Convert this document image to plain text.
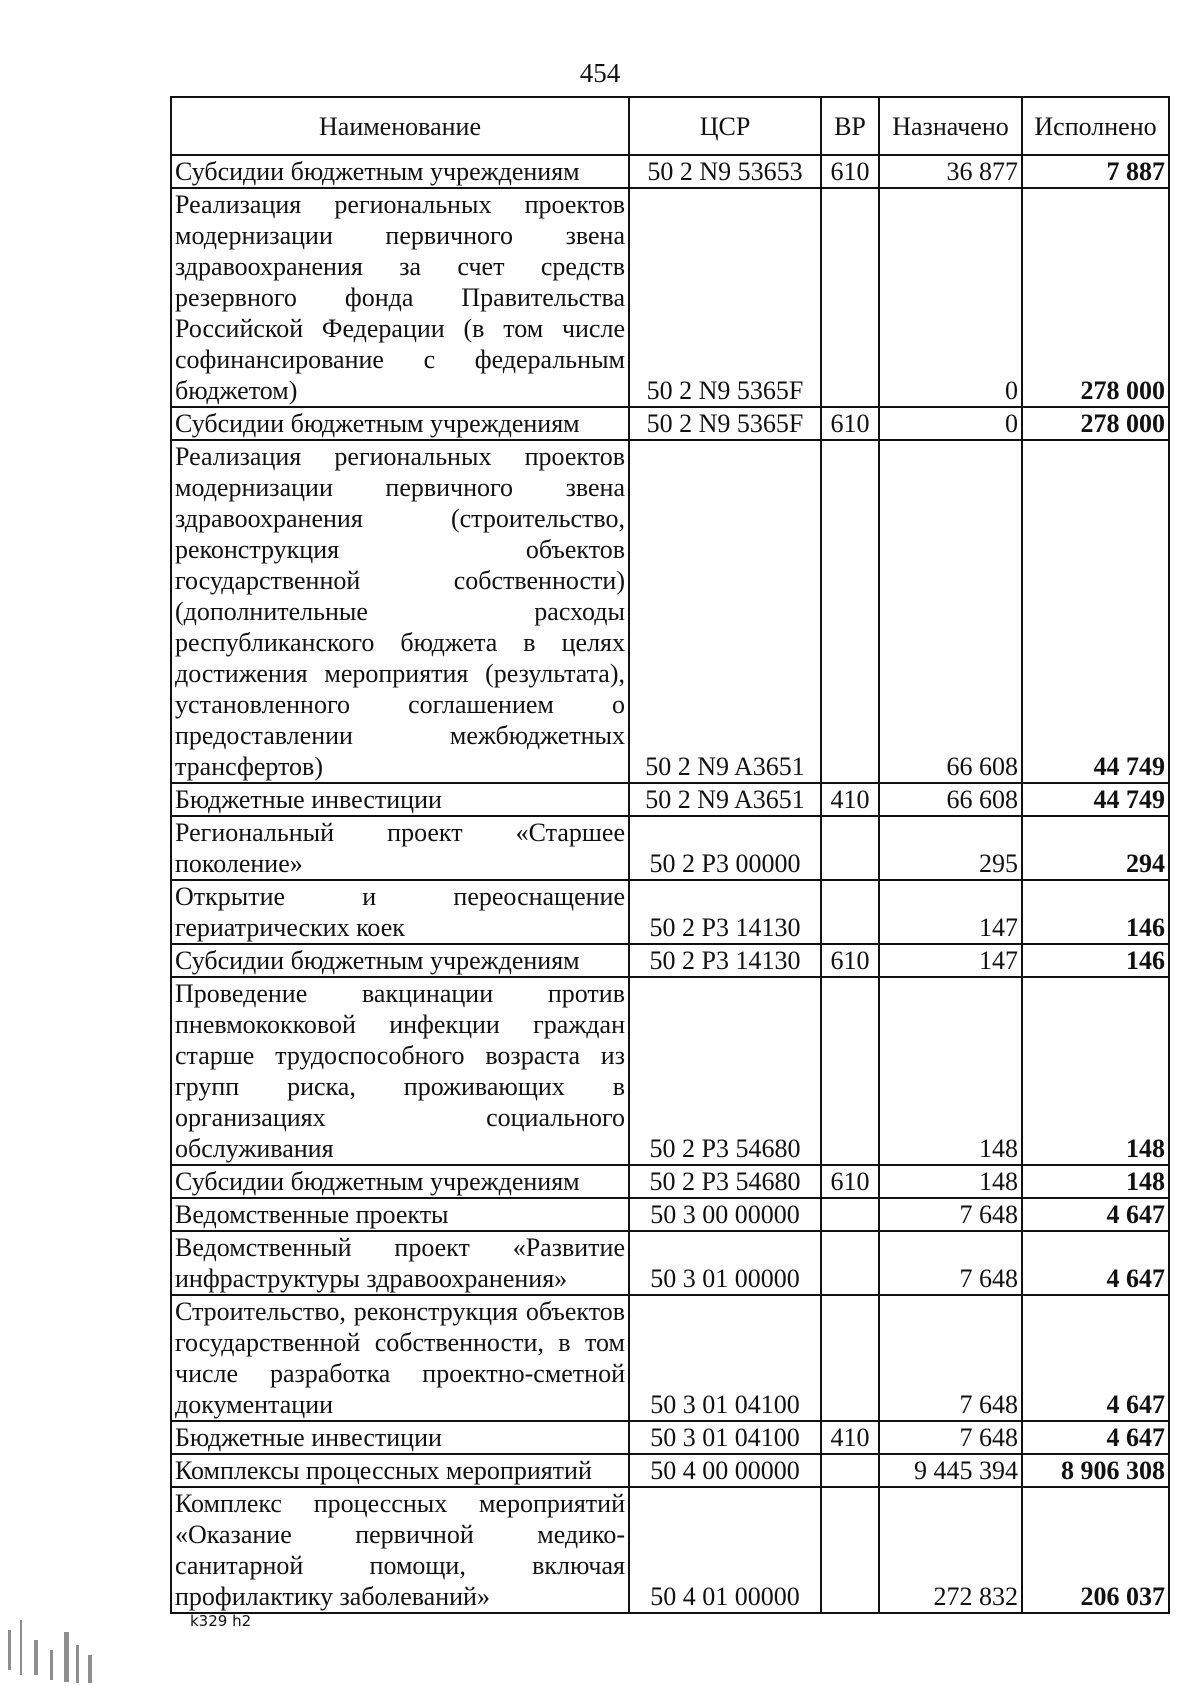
454
Наименование	ЦСР	ВР	Назначено	Исполнено
Субсидии бюджетным учреждениям	50 2 N9 53653	610	36 877	7 887
Реализация региональных проектов модернизации первичного звена здравоохранения за счет средств резервного фонда Правительства Российской Федерации (в том числе софинансирование с федеральным бюджетом)	50 2 N9 5365F		0	278 000
Субсидии бюджетным учреждениям	50 2 N9 5365F	610	0	278 000
Реализация региональных проектов модернизации первичного звена здравоохранения (строительство, реконструкция объектов государственной собственности) (дополнительные расходы республиканского бюджета в целях достижения мероприятия (результата), установленного соглашением о предоставлении межбюджетных трансфертов)	50 2 N9 A3651		66 608	44 749
Бюджетные инвестиции	50 2 N9 A3651	410	66 608	44 749
Региональный проект «Старшее поколение»	50 2 P3 00000		295	294
Открытие и переоснащение гериатрических коек	50 2 P3 14130		147	146
Субсидии бюджетным учреждениям	50 2 P3 14130	610	147	146
Проведение вакцинации против пневмококковой инфекции граждан старше трудоспособного возраста из групп риска, проживающих в организациях социального обслуживания	50 2 P3 54680		148	148
Субсидии бюджетным учреждениям	50 2 P3 54680	610	148	148
Ведомственные проекты	50 3 00 00000		7 648	4 647
Ведомственный проект «Развитие инфраструктуры здравоохранения»	50 3 01 00000		7 648	4 647
Строительство, реконструкция объектов государственной собственности, в том числе разработка проектно-сметной документации	50 3 01 04100		7 648	4 647
Бюджетные инвестиции	50 3 01 04100	410	7 648	4 647
Комплексы процессных мероприятий	50 4 00 00000		9 445 394	8 906 308
Комплекс процессных мероприятий «Оказание первичной медико-санитарной помощи, включая профилактику заболеваний»	50 4 01 00000		272 832	206 037
k329 h2
